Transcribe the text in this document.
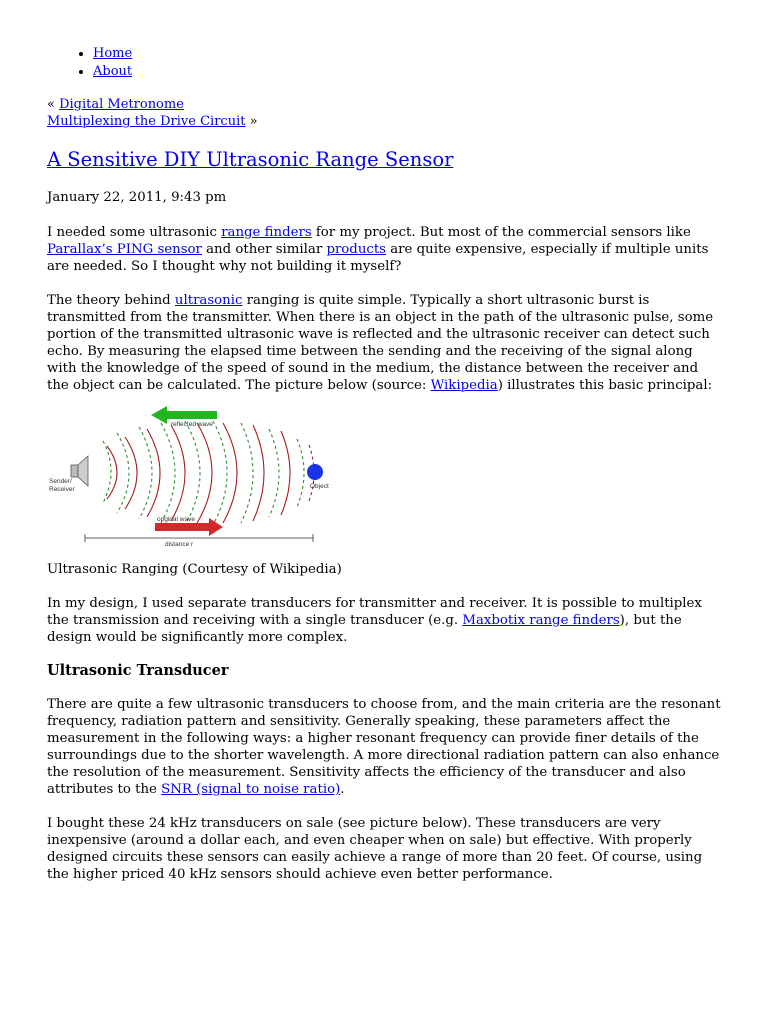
• Home
• About
« Digital Metronome
Multiplexing the Drive Circuit »
A Sensitive DIY Ultrasonic Range Sensor
January 22, 2011, 9:43 pm

I needed some ultrasonic range finders for my project. But most of the commercial sensors like Parallax’s PING sensor and other similar products are quite expensive, especially if multiple units are needed. So I thought why not building it myself?

The theory behind ultrasonic ranging is quite simple. Typically a short ultrasonic burst is transmitted from the transmitter. When there is an object in the path of the ultrasonic pulse, some portion of the transmitted ultrasonic wave is reflected and the ultrasonic receiver can detect such echo. By measuring the elapsed time between the sending and the receiving of the signal along with the knowledge of the speed of sound in the medium, the distance between the receiver and the object can be calculated. The picture below (source: Wikipedia) illustrates this basic principal:

reflected wave
Sender/
Receiver	Object
original wave
distance r
Ultrasonic Ranging (Courtesy of Wikipedia)

In my design, I used separate transducers for transmitter and receiver. It is possible to multiplex the transmission and receiving with a single transducer (e.g. Maxbotix range finders), but the design would be significantly more complex.

Ultrasonic Transducer

There are quite a few ultrasonic transducers to choose from, and the main criteria are the resonant frequency, radiation pattern and sensitivity. Generally speaking, these parameters affect the measurement in the following ways: a higher resonant frequency can provide finer details of the surroundings due to the shorter wavelength. A more directional radiation pattern can also enhance the resolution of the measurement. Sensitivity affects the efficiency of the transducer and also attributes to the SNR (signal to noise ratio).

I bought these 24 kHz transducers on sale (see picture below). These transducers are very inexpensive (around a dollar each, and even cheaper when on sale) but effective. With properly designed circuits these sensors can easily achieve a range of more than 20 feet. Of course, using the higher priced 40 kHz sensors should achieve even better performance.
